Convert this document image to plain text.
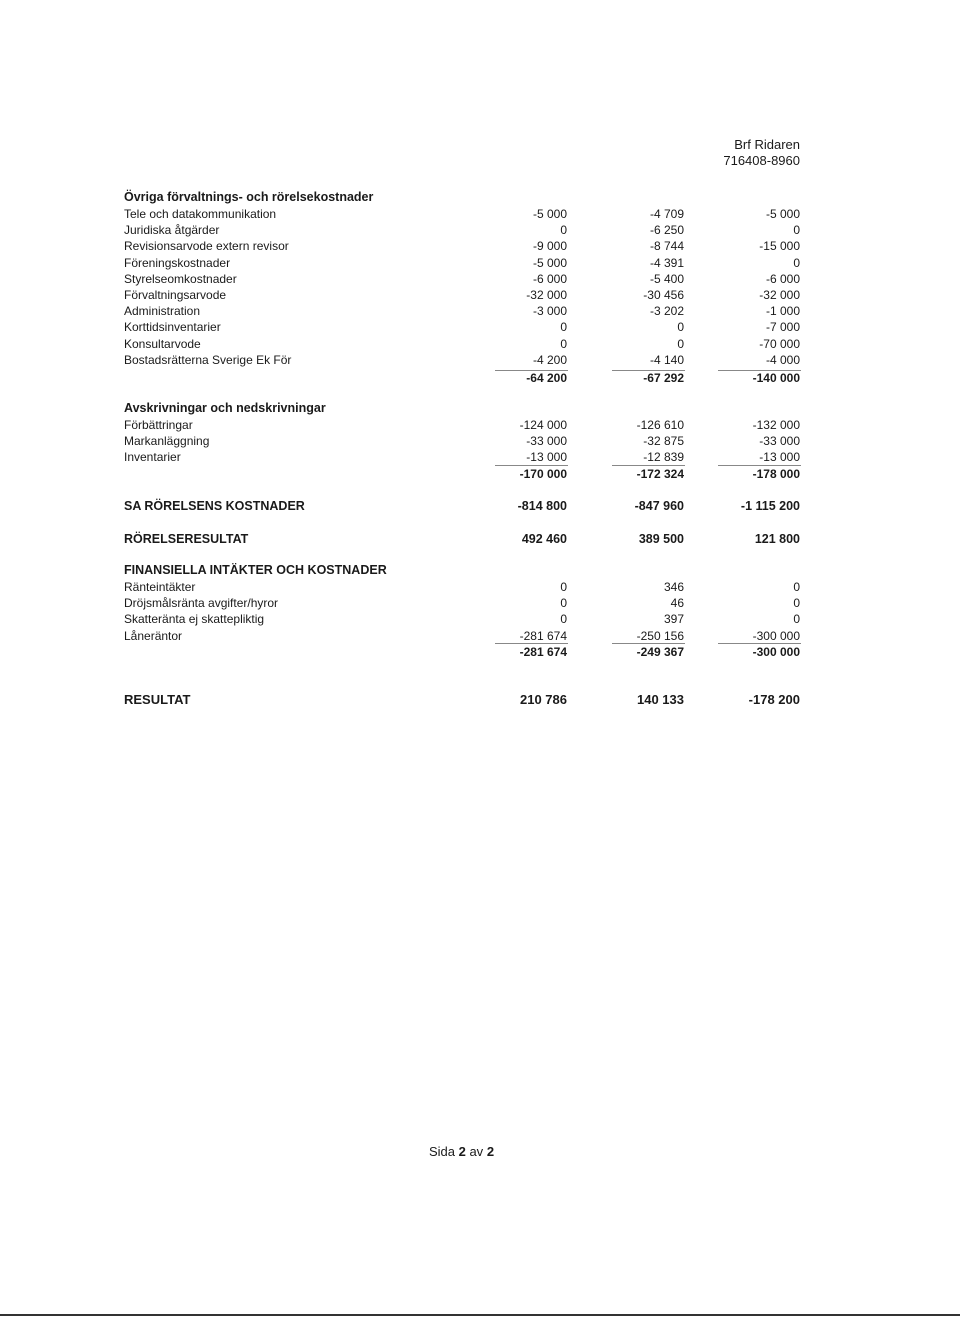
Brf Ridaren
716408-8960
Övriga förvaltnings- och rörelsekostnader
Tele och datakommunikation	-5 000	-4 709	-5 000
Juridiska åtgärder	0	-6 250	0
Revisionsarvode extern revisor	-9 000	-8 744	-15 000
Föreningskostnader	-5 000	-4 391	0
Styrelseomkostnader	-6 000	-5 400	-6 000
Förvaltningsarvode	-32 000	-30 456	-32 000
Administration	-3 000	-3 202	-1 000
Korttidsinventarier	0	0	-7 000
Konsultarvode	0	0	-70 000
Bostadsrätterna Sverige Ek För	-4 200	-4 140	-4 000
-64 200	-67 292	-140 000
Avskrivningar och nedskrivningar
Förbättringar	-124 000	-126 610	-132 000
Markanläggning	-33 000	-32 875	-33 000
Inventarier	-13 000	-12 839	-13 000
-170 000	-172 324	-178 000
SA RÖRELSENS KOSTNADER	-814 800	-847 960	-1 115 200
RÖRELSERESULTAT	492 460	389 500	121 800
FINANSIELLA INTÄKTER OCH KOSTNADER
Ränteintäkter	0	346	0
Dröjsmålsränta avgifter/hyror	0	46	0
Skatteränta ej skattepliktig	0	397	0
Låneräntor	-281 674	-250 156	-300 000
-281 674	-249 367	-300 000
RESULTAT	210 786	140 133	-178 200
Sida 2 av 2
